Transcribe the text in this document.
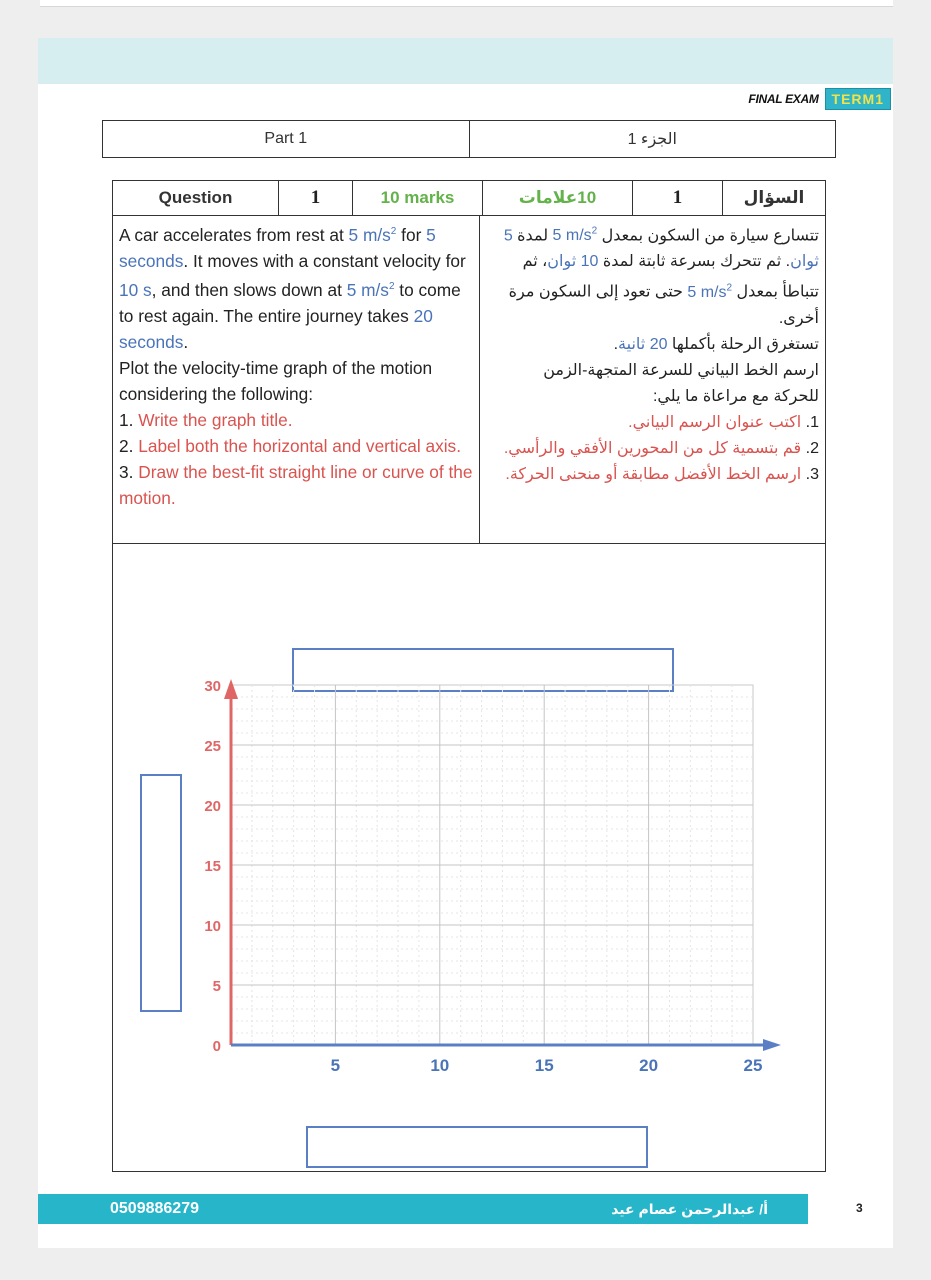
FINAL EXAM TERM1
Part 1	الجزء 1
Question	1	10 marks	10علامات	1	السؤال
A car accelerates from rest at 5 $m/s^2$ for 5 seconds. It moves with a constant velocity for 10 s, and then slows down at 5 $m/s^2$ to come to rest again. The entire journey takes 20 seconds.
Plot the velocity-time graph of the motion considering the following:
1. Write the graph title.
2. Label both the horizontal and vertical axis.
3. Draw the best-fit straight line or curve of the motion.
تتسارع سيارة من السكون بمعدل 5 $m/s^2$ لمدة 5 ثوان. ثم تتحرك بسرعة ثابتة لمدة 10 ثوان، ثم تتباطأ بمعدل 5 $m/s^2$ حتى تعود إلى السكون مرة أخرى.
تستغرق الرحلة بأكملها 20 ثانية.
ارسم الخط البياني للسرعة المتجهة-الزمن للحركة مع مراعاة ما يلي:
1. اكتب عنوان الرسم البياني.
2. قم بتسمية كل من المحورين الأفقي والرأسي.
3. ارسم الخط الأفضل مطابقة أو منحنى الحركة.
5	10	15	20	25
5
10
15
20
25
30
0
0509886279	أ/ عبدالرحمن عصام عيد	3
